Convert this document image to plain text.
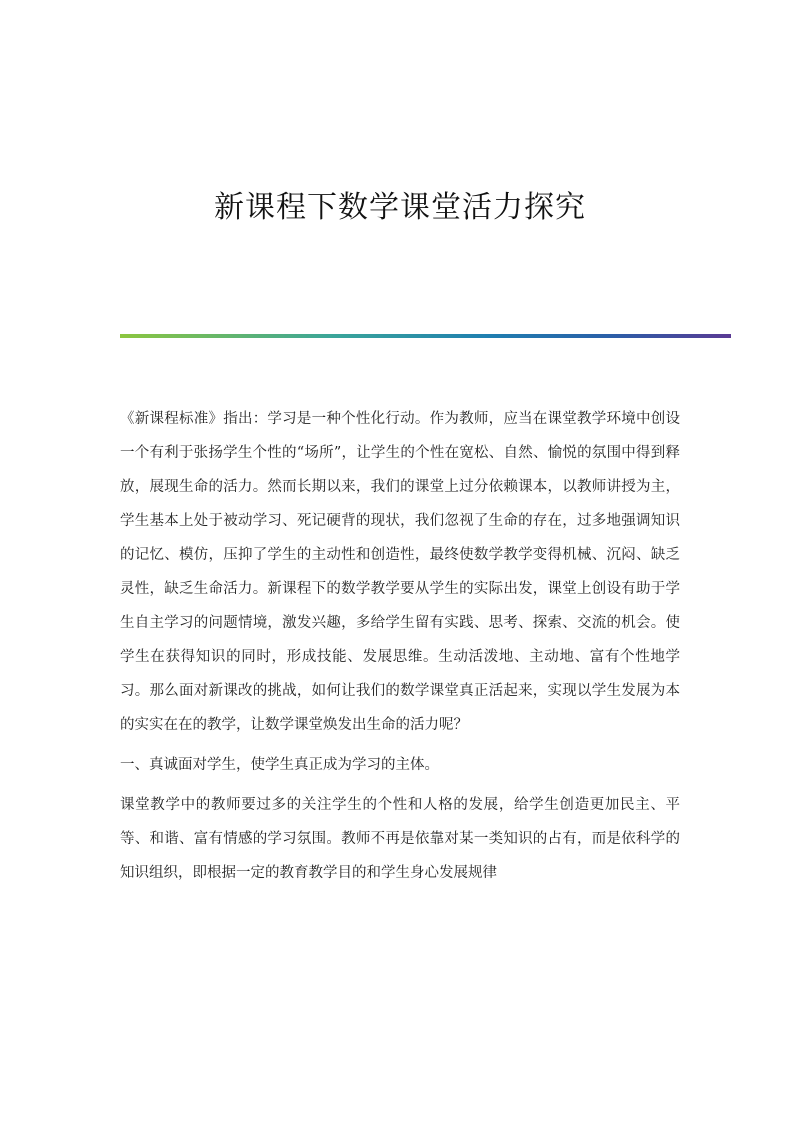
新课程下数学课堂活力探究

《新课程标准》指出：学习是一种个性化行动。作为教师，应当在课堂教学环境中创设一个有利于张扬学生个性的“场所”，让学生的个性在宽松、自然、愉悦的氛围中得到释放，展现生命的活力。然而长期以来，我们的课堂上过分依赖课本，以教师讲授为主，学生基本上处于被动学习、死记硬背的现状，我们忽视了生命的存在，过多地强调知识的记忆、模仿，压抑了学生的主动性和创造性，最终使数学教学变得机械、沉闷、缺乏灵性，缺乏生命活力。新课程下的数学教学要从学生的实际出发，课堂上创设有助于学生自主学习的问题情境，激发兴趣，多给学生留有实践、思考、探索、交流的机会。使学生在获得知识的同时，形成技能、发展思维。生动活泼地、主动地、富有个性地学习。那么面对新课改的挑战，如何让我们的数学课堂真正活起来，实现以学生发展为本的实实在在的教学，让数学课堂焕发出生命的活力呢？

一、真诚面对学生，使学生真正成为学习的主体。

课堂教学中的教师要过多的关注学生的个性和人格的发展，给学生创造更加民主、平等、和谐、富有情感的学习氛围。教师不再是依靠对某一类知识的占有，而是依科学的知识组织，即根据一定的教育教学目的和学生身心发展规律
